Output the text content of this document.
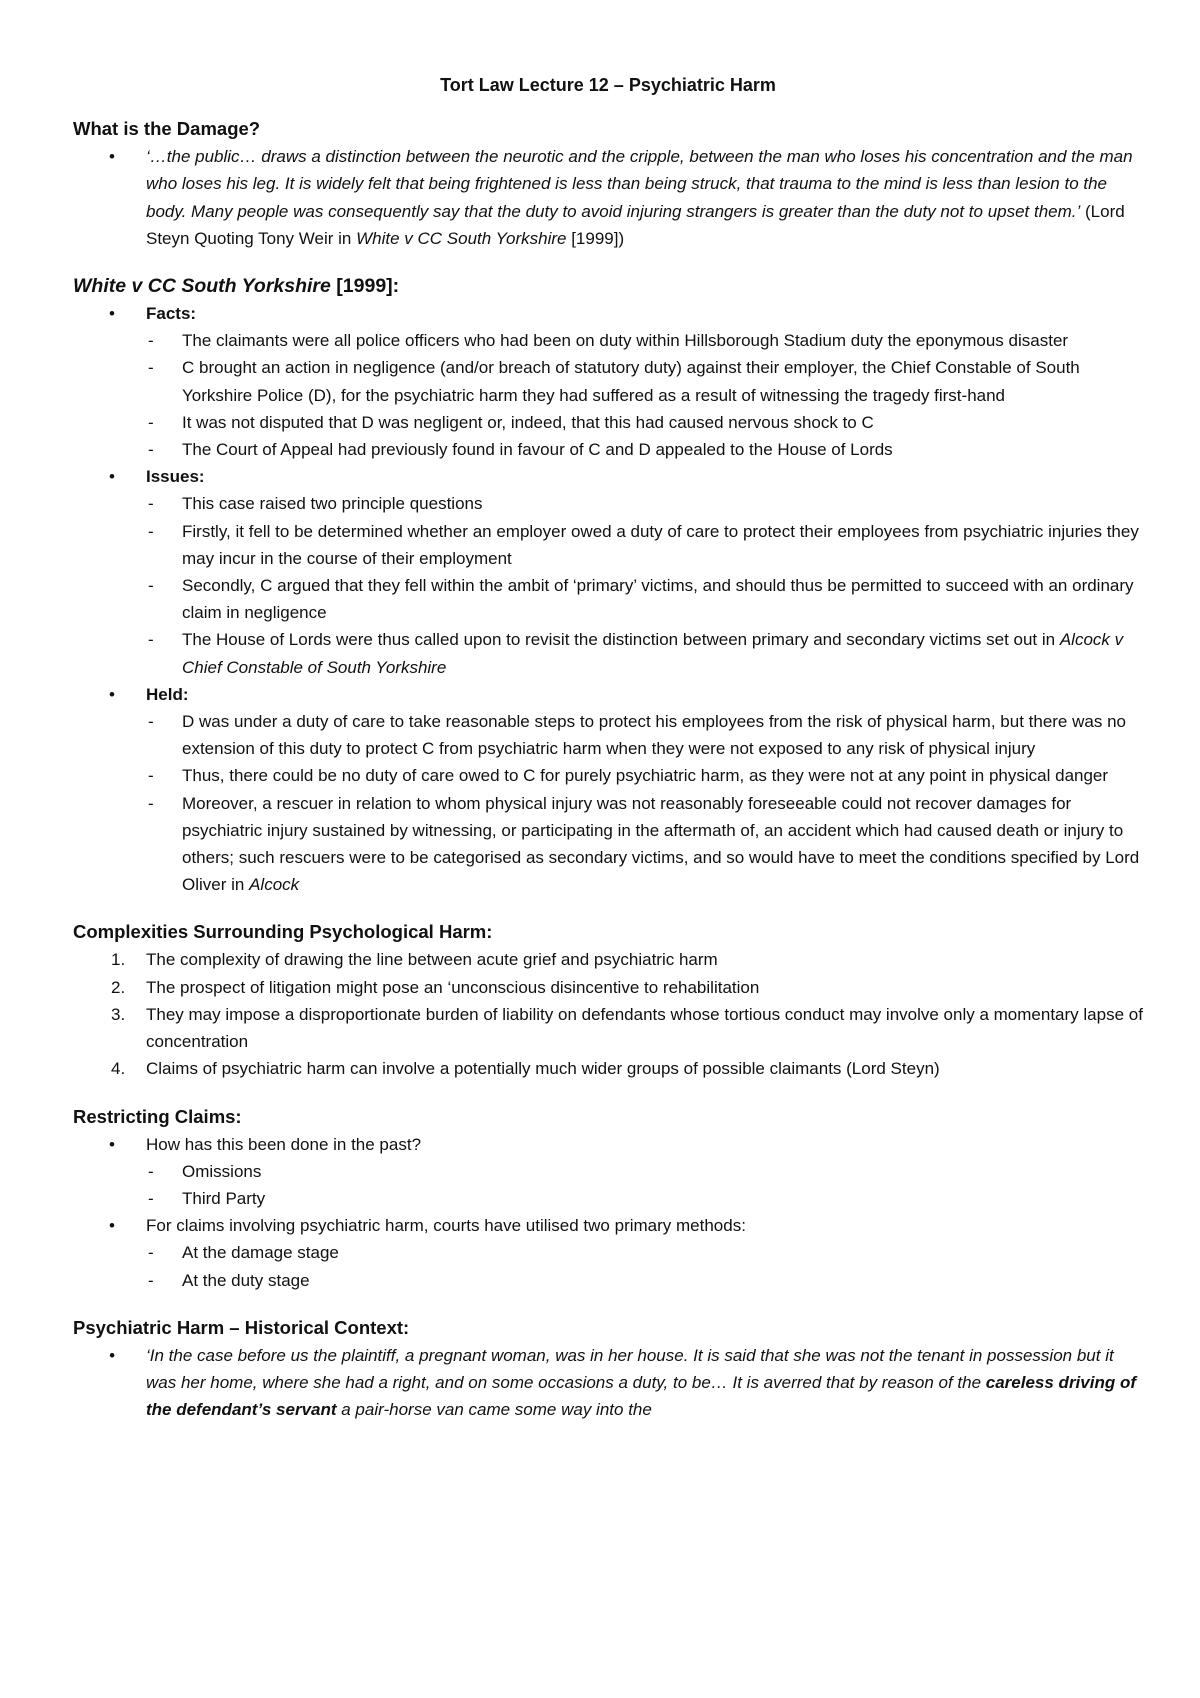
Tort Law Lecture 12 – Psychiatric Harm
What is the Damage?
• ‘…the public… draws a distinction between the neurotic and the cripple, between the man who loses his concentration and the man who loses his leg. It is widely felt that being frightened is less than being struck, that trauma to the mind is less than lesion to the body. Many people was consequently say that the duty to avoid injuring strangers is greater than the duty not to upset them.’ (Lord Steyn Quoting Tony Weir in White v CC South Yorkshire [1999])
White v CC South Yorkshire [1999]:
• Facts:
- The claimants were all police officers who had been on duty within Hillsborough Stadium duty the eponymous disaster
- C brought an action in negligence (and/or breach of statutory duty) against their employer, the Chief Constable of South Yorkshire Police (D), for the psychiatric harm they had suffered as a result of witnessing the tragedy first-hand
- It was not disputed that D was negligent or, indeed, that this had caused nervous shock to C
- The Court of Appeal had previously found in favour of C and D appealed to the House of Lords
• Issues:
- This case raised two principle questions
- Firstly, it fell to be determined whether an employer owed a duty of care to protect their employees from psychiatric injuries they may incur in the course of their employment
- Secondly, C argued that they fell within the ambit of ‘primary’ victims, and should thus be permitted to succeed with an ordinary claim in negligence
- The House of Lords were thus called upon to revisit the distinction between primary and secondary victims set out in Alcock v Chief Constable of South Yorkshire
• Held:
- D was under a duty of care to take reasonable steps to protect his employees from the risk of physical harm, but there was no extension of this duty to protect C from psychiatric harm when they were not exposed to any risk of physical injury
- Thus, there could be no duty of care owed to C for purely psychiatric harm, as they were not at any point in physical danger
- Moreover, a rescuer in relation to whom physical injury was not reasonably foreseeable could not recover damages for psychiatric injury sustained by witnessing, or participating in the aftermath of, an accident which had caused death or injury to others; such rescuers were to be categorised as secondary victims, and so would have to meet the conditions specified by Lord Oliver in Alcock
Complexities Surrounding Psychological Harm:
1. The complexity of drawing the line between acute grief and psychiatric harm
2. The prospect of litigation might pose an ‘unconscious disincentive to rehabilitation
3. They may impose a disproportionate burden of liability on defendants whose tortious conduct may involve only a momentary lapse of concentration
4. Claims of psychiatric harm can involve a potentially much wider groups of possible claimants (Lord Steyn)
Restricting Claims:
• How has this been done in the past?
- Omissions
- Third Party
• For claims involving psychiatric harm, courts have utilised two primary methods:
- At the damage stage
- At the duty stage
Psychiatric Harm – Historical Context:
• ‘In the case before us the plaintiff, a pregnant woman, was in her house. It is said that she was not the tenant in possession but it was her home, where she had a right, and on some occasions a duty, to be… It is averred that by reason of the careless driving of the defendant’s servant a pair-horse van came some way into the
